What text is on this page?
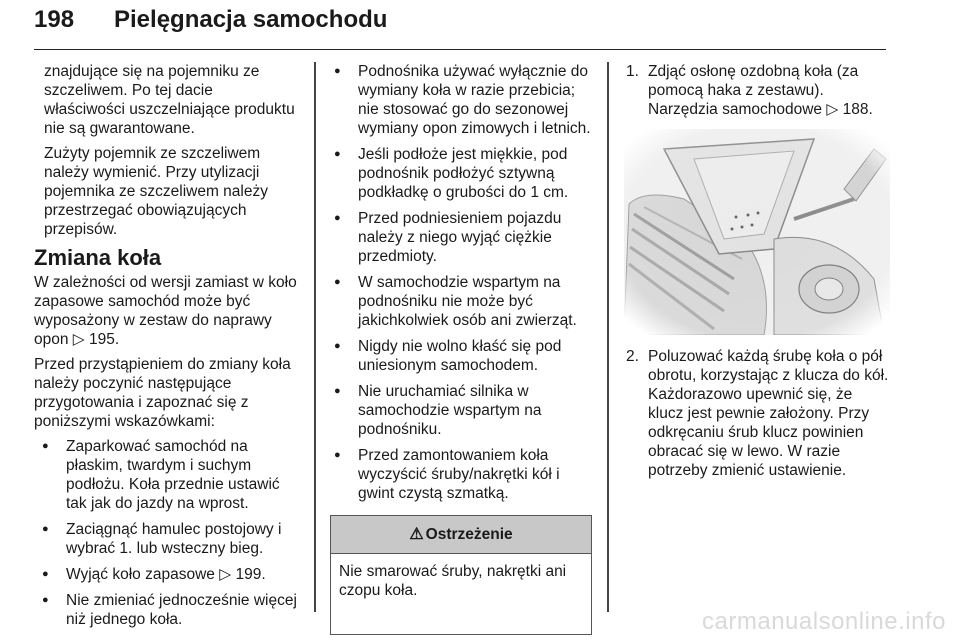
198 Pielęgnacja samochodu

znajdujące się na pojemniku ze szczeliwem. Po tej dacie właściwości uszczelniające produktu nie są gwarantowane.

Zużyty pojemnik ze szczeliwem należy wymienić. Przy utylizacji pojemnika ze szczeliwem należy przestrzegać obowiązujących przepisów.

Zmiana koła

W zależności od wersji zamiast w koło zapasowe samochód może być wyposażony w zestaw do naprawy opon ▷ 195.

Przed przystąpieniem do zmiany koła należy poczynić następujące przygotowania i zapoznać się z poniższymi wskazówkami:

● Zaparkować samochód na płaskim, twardym i suchym podłożu. Koła przednie ustawić tak jak do jazdy na wprost.
● Zaciągnąć hamulec postojowy i wybrać 1. lub wsteczny bieg.
● Wyjąć koło zapasowe ▷ 199.
● Nie zmieniać jednocześnie więcej niż jednego koła.
● Podnośnika używać wyłącznie do wymiany koła w razie przebicia; nie stosować go do sezonowej wymiany opon zimowych i letnich.
● Jeśli podłoże jest miękkie, pod podnośnik podłożyć sztywną podkładkę o grubości do 1 cm.
● Przed podniesieniem pojazdu należy z niego wyjąć ciężkie przedmioty.
● W samochodzie wspartym na podnośniku nie może być jakichkolwiek osób ani zwierząt.
● Nigdy nie wolno kłaść się pod uniesionym samochodem.
● Nie uruchamiać silnika w samochodzie wspartym na podnośniku.
● Przed zamontowaniem koła wyczyścić śruby/nakrętki kół i gwint czystą szmatką.
⚠ Ostrzeżenie
Nie smarować śruby, nakrętki ani czopu koła.
1. Zdjąć osłonę ozdobną koła (za pomocą haka z zestawu). Narzędzia samochodowe ▷ 188.
2. Poluzować każdą śrubę koła o pół obrotu, korzystając z klucza do kół. Każdorazowo upewnić się, że klucz jest pewnie założony. Przy odkręcaniu śrub klucz powinien obracać się w lewo. W razie potrzeby zmienić ustawienie.
carmanualsonline.info
